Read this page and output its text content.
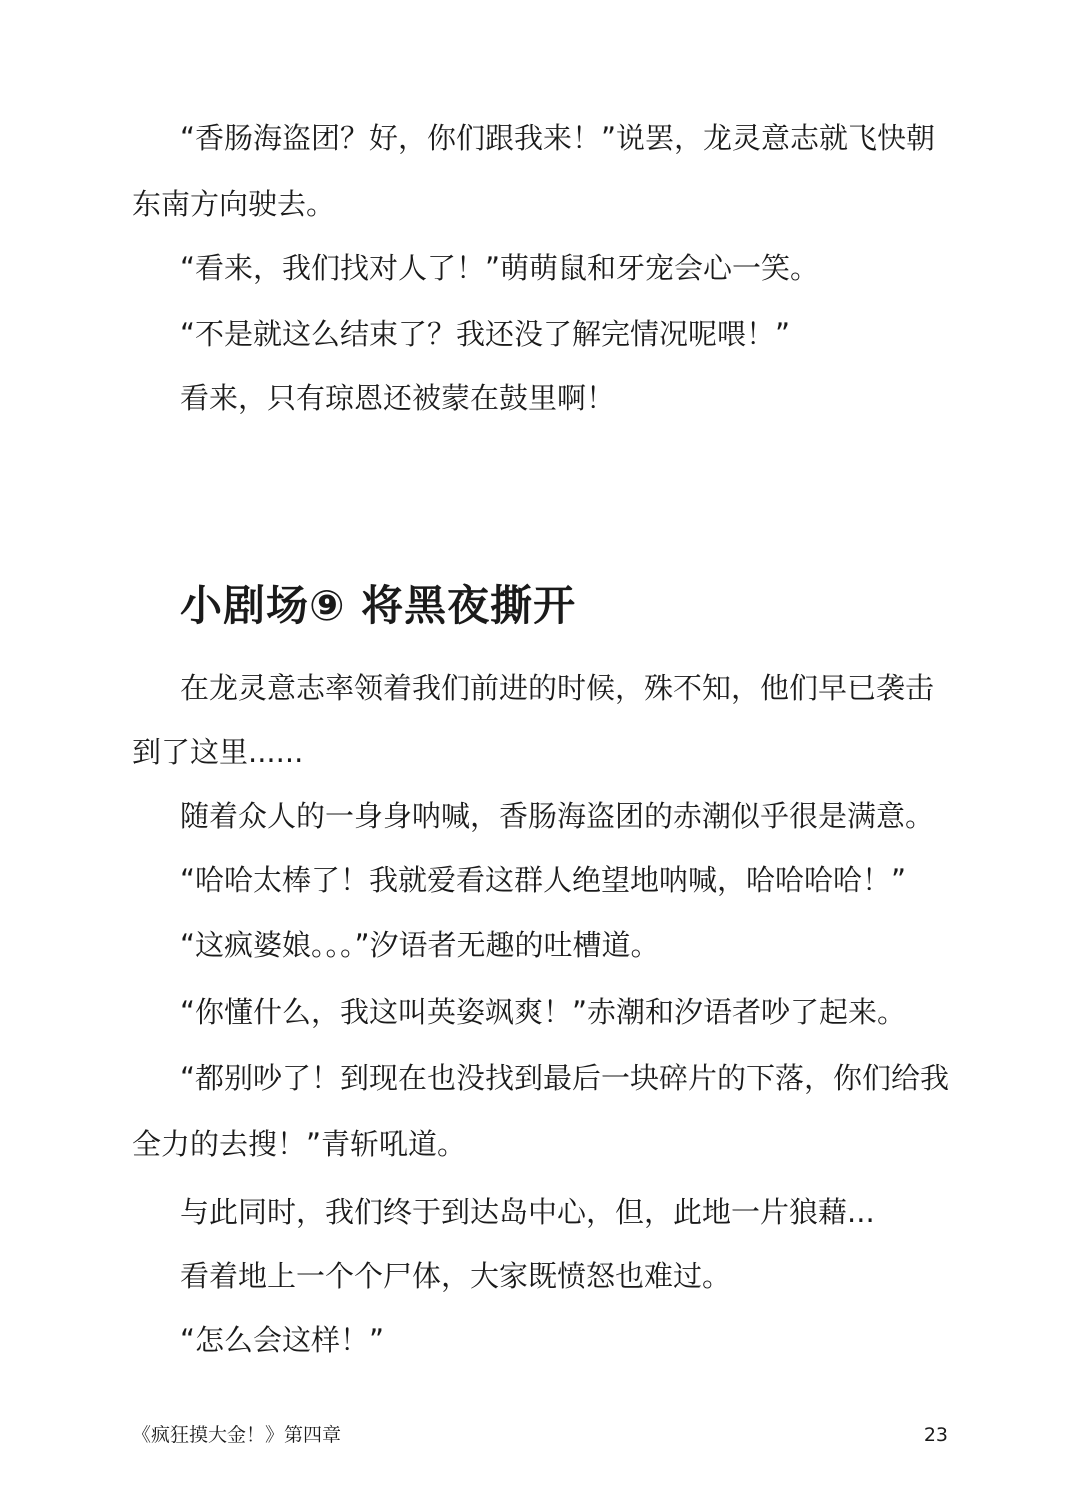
“香肠海盗团？好，你们跟我来！”说罢，龙灵意志就飞快朝

东南方向驶去。

“看来，我们找对人了！”萌萌鼠和牙宠会心一笑。

“不是就这么结束了？我还没了解完情况呢喂！”

看来，只有琼恩还被蒙在鼓里啊！

小剧场⑨ 将黑夜撕开

在龙灵意志率领着我们前进的时候，殊不知，他们早已袭击

到了这里......

随着众人的一身身呐喊，香肠海盗团的赤潮似乎很是满意。

“哈哈太棒了！我就爱看这群人绝望地呐喊，哈哈哈哈！”

“这疯婆娘。。。”汐语者无趣的吐槽道。

“你懂什么，我这叫英姿飒爽！”赤潮和汐语者吵了起来。

“都别吵了！到现在也没找到最后一块碎片的下落，你们给我

全力的去搜！”青斩吼道。

与此同时，我们终于到达岛中心，但，此地一片狼藉...

看着地上一个个尸体，大家既愤怒也难过。

“怎么会这样！”

《疯狂摸大金！》第四章	23
